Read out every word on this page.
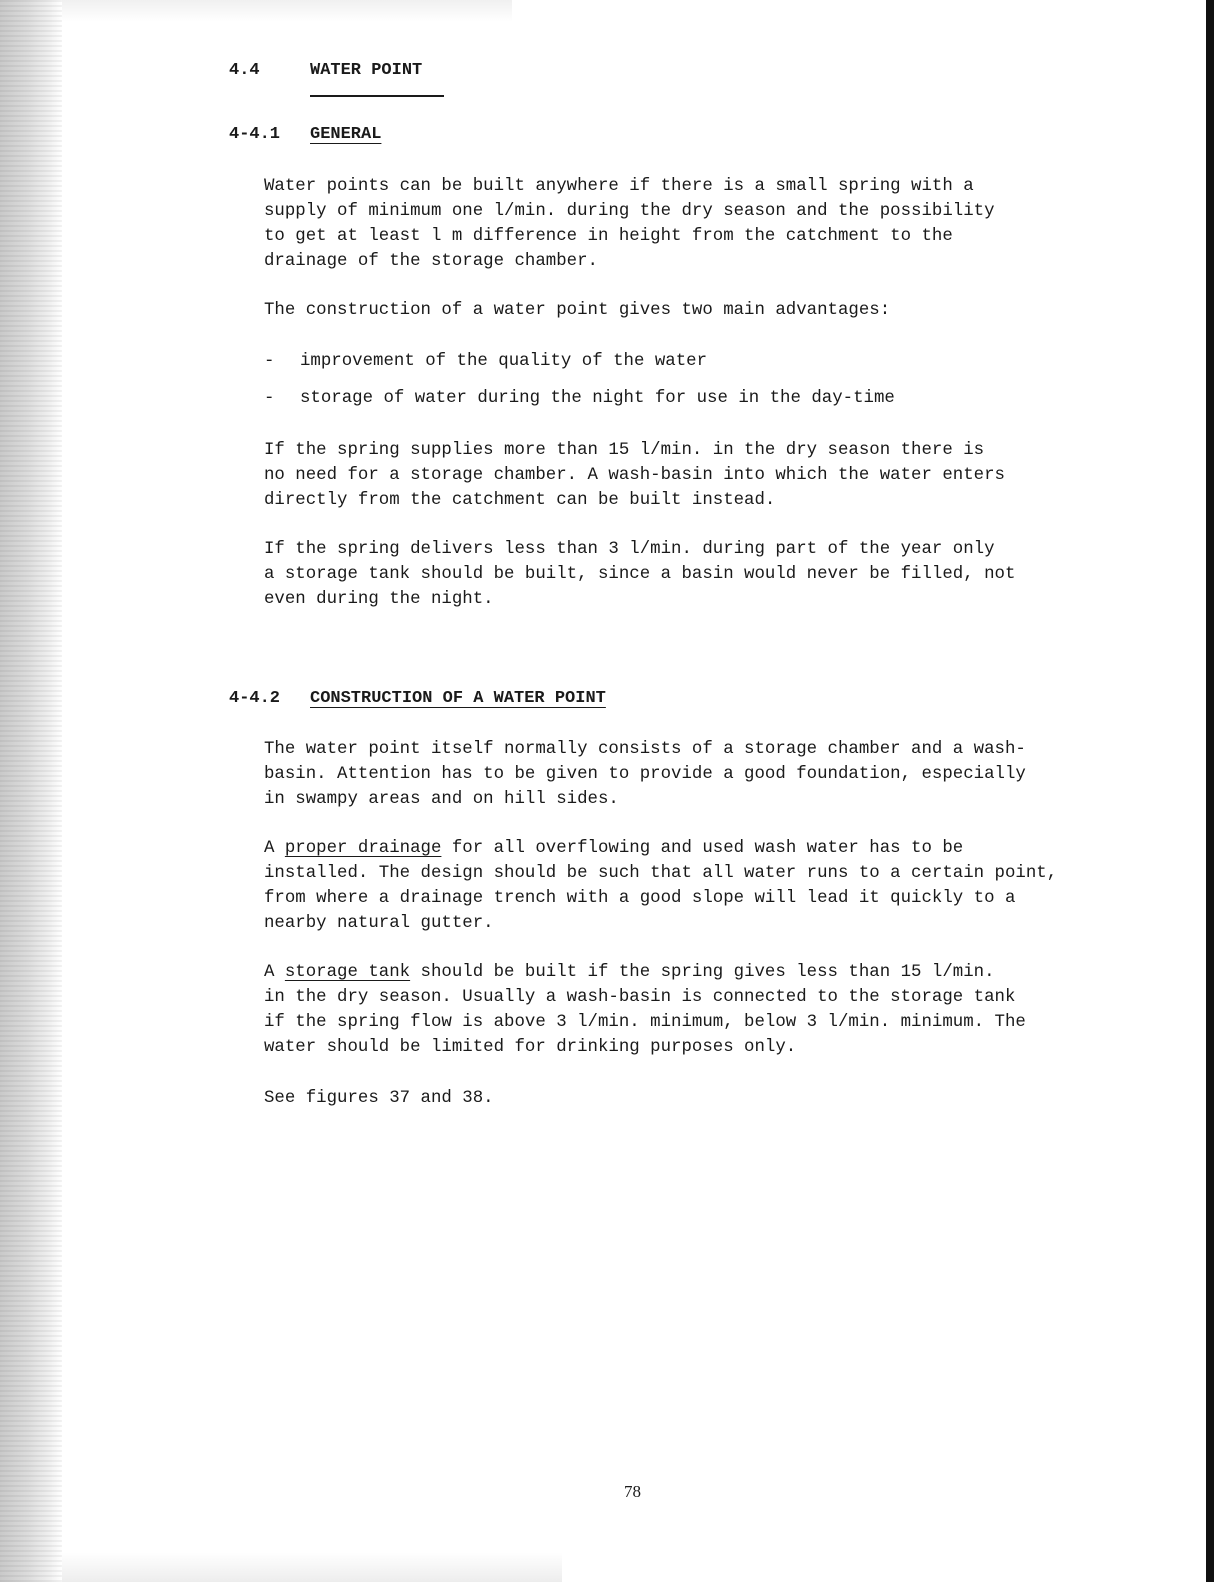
4.4	WATER POINT
4-4.1 GENERAL
Water points can be built anywhere if there is a small spring with a
supply of minimum one l/min. during the dry season and the possibility
to get at least l m difference in height from the catchment to the
drainage of the storage chamber.
The construction of a water point gives two main advantages:
- improvement of the quality of the water
- storage of water during the night for use in the day-time
If the spring supplies more than 15 l/min. in the dry season there is
no need for a storage chamber. A wash-basin into which the water enters
directly from the catchment can be built instead.
If the spring delivers less than 3 l/min. during part of the year only
a storage tank should be built, since a basin would never be filled, not
even during the night.
4-4.2 CONSTRUCTION OF A WATER POINT
The water point itself normally consists of a storage chamber and a wash-
basin. Attention has to be given to provide a good foundation, especially
in swampy areas and on hill sides.
A proper drainage for all overflowing and used wash water has to be
installed. The design should be such that all water runs to a certain point,
from where a drainage trench with a good slope will lead it quickly to a
nearby natural gutter.
A storage tank should be built if the spring gives less than 15 l/min.
in the dry season. Usually a wash-basin is connected to the storage tank
if the spring flow is above 3 l/min. minimum, below 3 l/min. minimum. The
water should be limited for drinking purposes only.
See figures 37 and 38.
78
